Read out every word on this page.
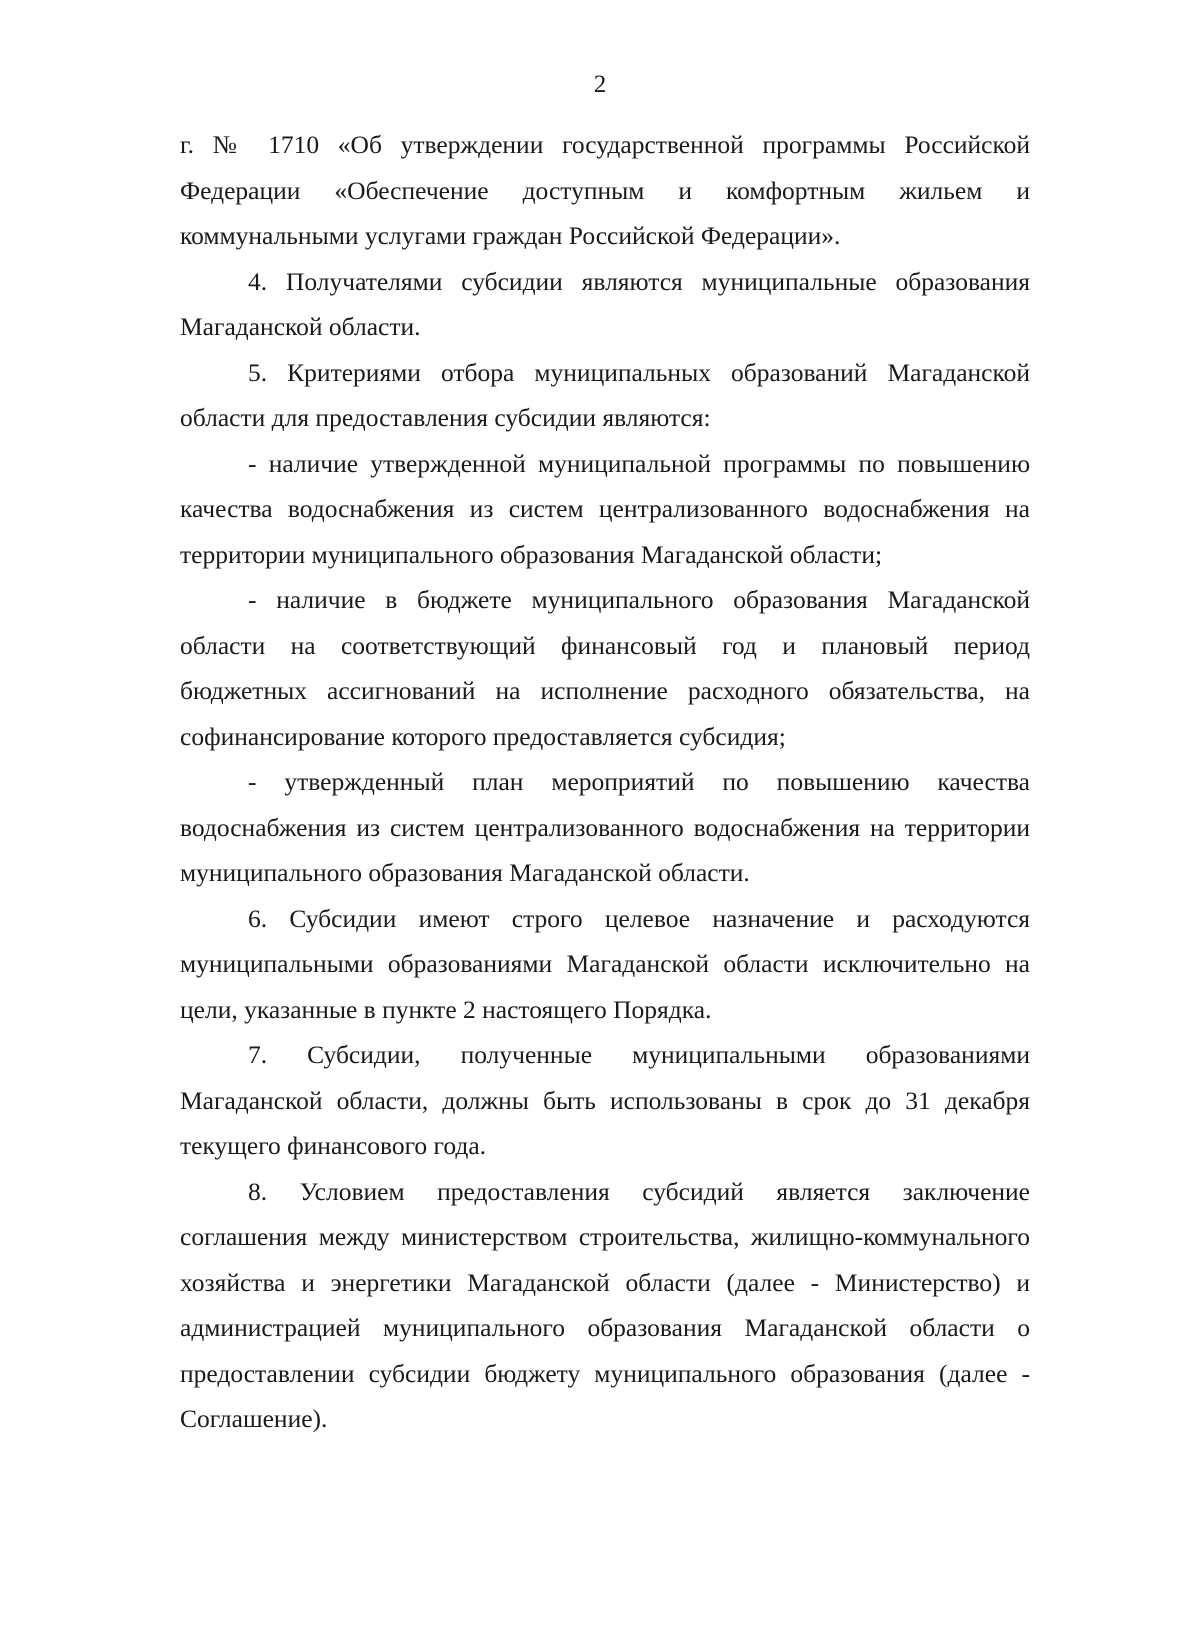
2

г. № 1710 «Об утверждении государственной программы Российской Федерации «Обеспечение доступным и комфортным жильем и коммунальными услугами граждан Российской Федерации».

4. Получателями субсидии являются муниципальные образования Магаданской области.

5. Критериями отбора муниципальных образований Магаданской области для предоставления субсидии являются:

- наличие утвержденной муниципальной программы по повышению качества водоснабжения из систем централизованного водоснабжения на территории муниципального образования Магаданской области;

- наличие в бюджете муниципального образования Магаданской области на соответствующий финансовый год и плановый период бюджетных ассигнований на исполнение расходного обязательства, на софинансирование которого предоставляется субсидия;

- утвержденный план мероприятий по повышению качества водоснабжения из систем централизованного водоснабжения на территории муниципального образования Магаданской области.

6. Субсидии имеют строго целевое назначение и расходуются муниципальными образованиями Магаданской области исключительно на цели, указанные в пункте 2 настоящего Порядка.

7. Субсидии, полученные муниципальными образованиями Магаданской области, должны быть использованы в срок до 31 декабря текущего финансового года.

8. Условием предоставления субсидий является заключение соглашения между министерством строительства, жилищно-коммунального хозяйства и энергетики Магаданской области (далее - Министерство) и администрацией муниципального образования Магаданской области о предоставлении субсидии бюджету муниципального образования (далее - Соглашение).
